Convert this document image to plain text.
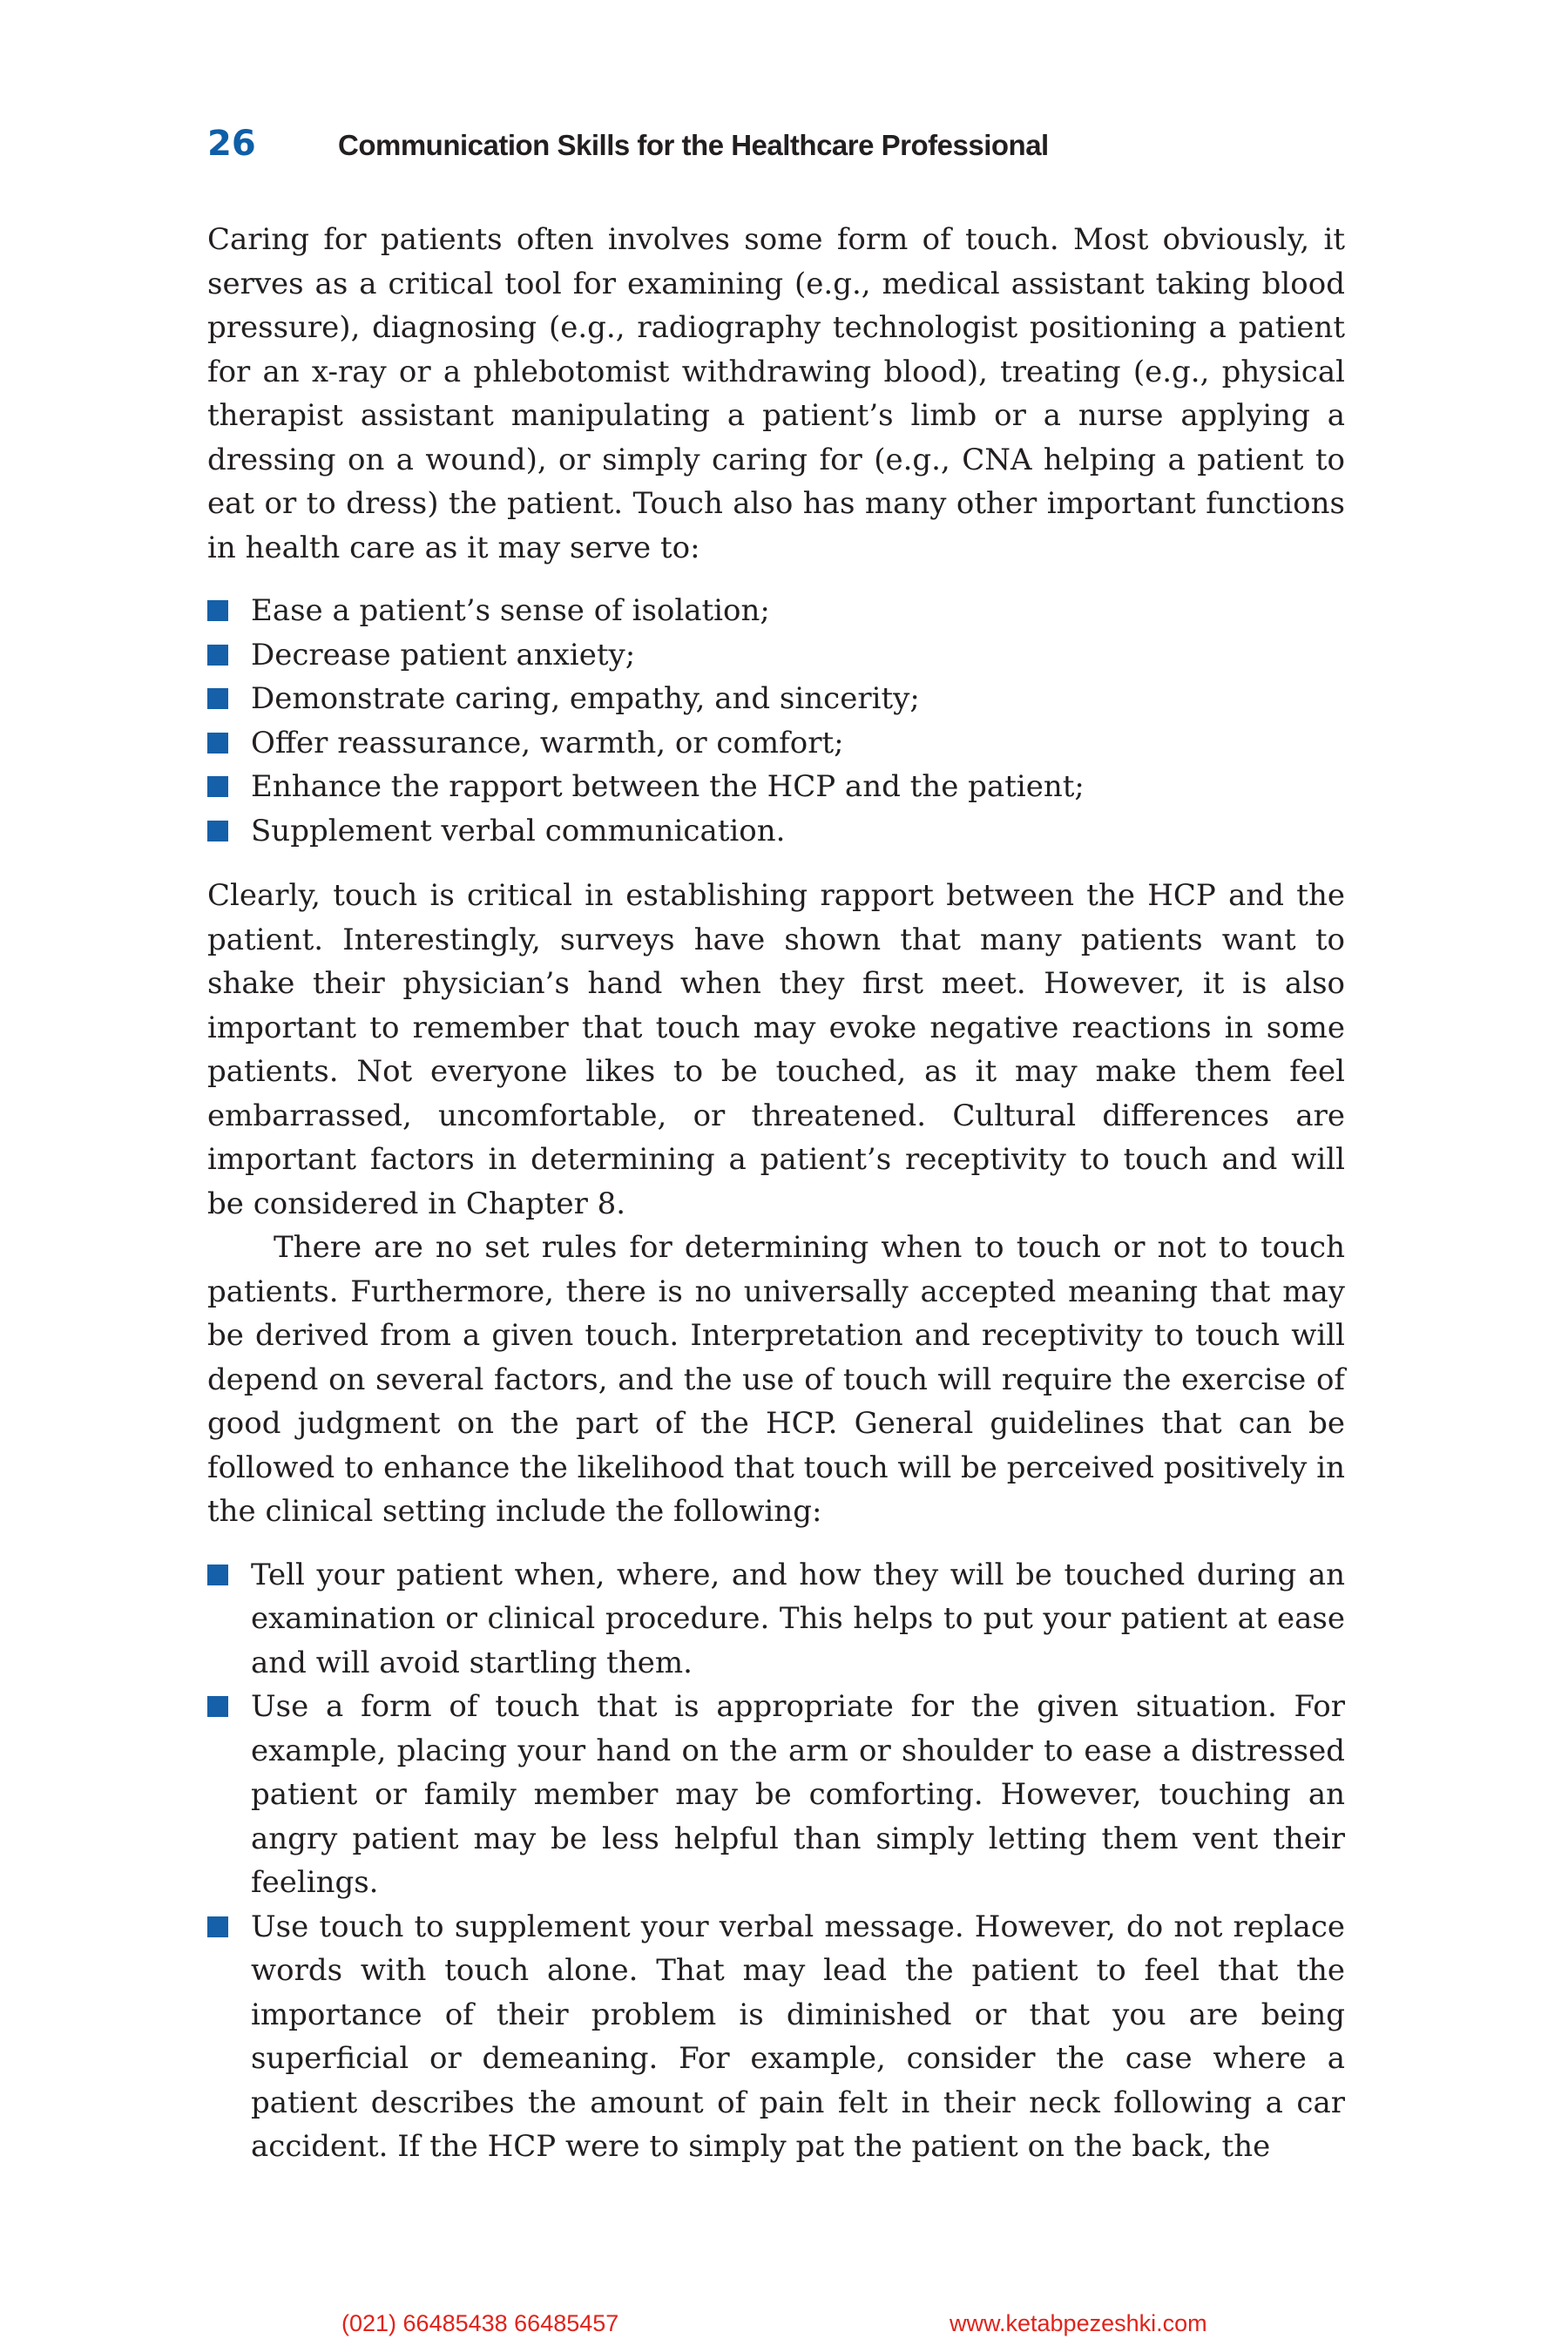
26	Communication Skills for the Healthcare Professional

Caring for patients often involves some form of touch. Most obviously, it serves as a critical tool for examining (e.g., medical assistant taking blood pressure), diagnosing (e.g., radiography technologist positioning a patient for an x-ray or a phlebotomist withdrawing blood), treating (e.g., physical therapist assistant manipulating a patient’s limb or a nurse applying a dressing on a wound), or simply caring for (e.g., CNA helping a patient to eat or to dress) the patient. Touch also has many other important functions in health care as it may serve to:

Ease a patient’s sense of isolation;
Decrease patient anxiety;
Demonstrate caring, empathy, and sincerity;
Offer reassurance, warmth, or comfort;
Enhance the rapport between the HCP and the patient;
Supplement verbal communication.

Clearly, touch is critical in establishing rapport between the HCP and the patient. Interestingly, surveys have shown that many patients want to shake their physician’s hand when they first meet. However, it is also important to remember that touch may evoke negative reactions in some patients. Not everyone likes to be touched, as it may make them feel embarrassed, uncomfortable, or threatened. Cultural differences are important factors in determining a patient’s receptivity to touch and will be considered in Chapter 8.

There are no set rules for determining when to touch or not to touch patients. Furthermore, there is no universally accepted meaning that may be derived from a given touch. Interpretation and receptivity to touch will depend on several factors, and the use of touch will require the exercise of good judgment on the part of the HCP. General guidelines that can be followed to enhance the likelihood that touch will be perceived positively in the clinical setting include the following:

Tell your patient when, where, and how they will be touched during an examination or clinical procedure. This helps to put your patient at ease and will avoid startling them.
Use a form of touch that is appropriate for the given situation. For example, placing your hand on the arm or shoulder to ease a distressed patient or family member may be comforting. However, touching an angry patient may be less helpful than simply letting them vent their feelings.
Use touch to supplement your verbal message. However, do not replace words with touch alone. That may lead the patient to feel that the importance of their problem is diminished or that you are being superficial or demeaning. For example, consider the case where a patient describes the amount of pain felt in their neck following a car accident. If the HCP were to simply pat the patient on the back, the
(021) 66485438 66485457	www.ketabpezeshki.com
